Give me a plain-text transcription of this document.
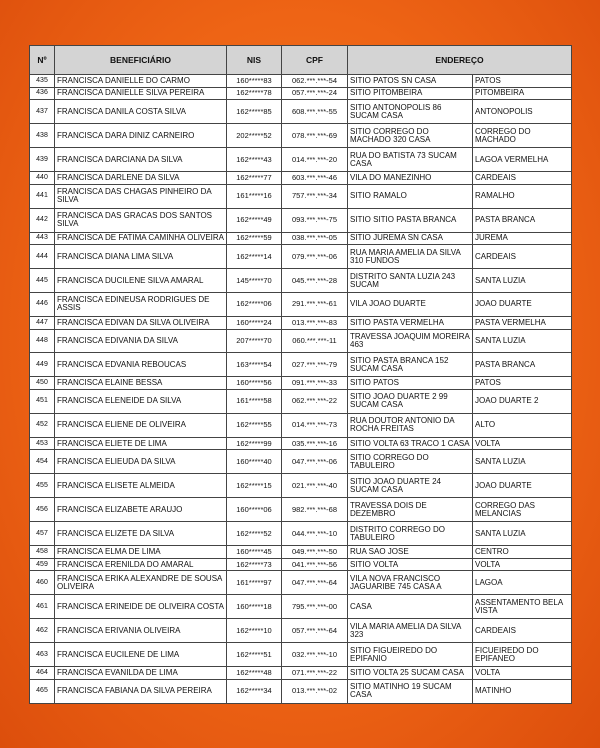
Nº	BENEFICIÁRIO	NIS	CPF	ENDEREÇO	
435	FRANCISCA DANIELLE DO CARMO	160*****83	062.***.***-54	SITIO PATOS SN CASA	PATOS
436	FRANCISCA DANIELLE SILVA PEREIRA	162*****78	057.***.***-24	SITIO PITOMBEIRA	PITOMBEIRA
437	FRANCISCA DANILA COSTA SILVA	162*****85	608.***.***-55	SITIO ANTONOPOLIS 86 SUCAM CASA	ANTONOPOLIS
438	FRANCISCA DARA DINIZ CARNEIRO	202*****52	078.***.***-69	SITIO CORREGO DO MACHADO 320 CASA	CORREGO DO MACHADO
439	FRANCISCA DARCIANA DA SILVA	162*****43	014.***.***-20	RUA DO BATISTA 73 SUCAM CASA	LAGOA VERMELHA
440	FRANCISCA DARLENE DA SILVA	162*****77	603.***.***-46	VILA DO MANEZINHO	CARDEAIS
441	FRANCISCA DAS CHAGAS PINHEIRO DA SILVA	161*****16	757.***.***-34	SITIO RAMALO	RAMALHO
442	FRANCISCA DAS GRACAS DOS SANTOS SILVA	162*****49	093.***.***-75	SITIO SITIO PASTA BRANCA	PASTA BRANCA
443	FRANCISCA DE FATIMA CAMINHA OLIVEIRA	162*****59	038.***.***-05	SITIO JUREMA SN CASA	JUREMA
444	FRANCISCA DIANA LIMA SILVA	162*****14	079.***.***-06	RUA MARIA AMELIA DA SILVA 310 FUNDOS	CARDEAIS
445	FRANCISCA DUCILENE SILVA AMARAL	145*****70	045.***.***-28	DISTRITO SANTA LUZIA 243 SUCAM	SANTA LUZIA
446	FRANCISCA EDINEUSA RODRIGUES DE ASSIS	162*****06	291.***.***-61	VILA JOAO DUARTE	JOAO DUARTE
447	FRANCISCA EDIVAN DA SILVA OLIVEIRA	160*****24	013.***.***-83	SITIO PASTA VERMELHA	PASTA VERMELHA
448	FRANCISCA EDIVANIA DA SILVA	207*****70	060.***.***-11	TRAVESSA JOAQUIM MOREIRA 463	SANTA LUZIA
449	FRANCISCA EDVANIA REBOUCAS	163*****54	027.***.***-79	SITIO PASTA BRANCA 152 SUCAM CASA	PASTA BRANCA
450	FRANCISCA ELAINE BESSA	160*****56	091.***.***-33	SITIO PATOS	PATOS
451	FRANCISCA ELENEIDE DA SILVA	161*****58	062.***.***-22	SITIO JOAO DUARTE 2 99 SUCAM CASA	JOAO DUARTE 2
452	FRANCISCA ELIENE DE OLIVEIRA	162*****55	014.***.***-73	RUA DOUTOR ANTONIO DA ROCHA FREITAS	ALTO
453	FRANCISCA ELIETE DE LIMA	162*****99	035.***.***-16	SITIO VOLTA 63 TRACO 1 CASA	VOLTA
454	FRANCISCA ELIEUDA DA SILVA	160*****40	047.***.***-06	SITIO CORREGO DO TABULEIRO	SANTA LUZIA
455	FRANCISCA ELISETE ALMEIDA	162*****15	021.***.***-40	SITIO JOAO DUARTE 24 SUCAM CASA	JOAO DUARTE
456	FRANCISCA ELIZABETE ARAUJO	160*****06	982.***.***-68	TRAVESSA DOIS DE DEZEMBRO	CORREGO DAS MELANCIAS
457	FRANCISCA ELIZETE DA SILVA	162*****52	044.***.***-10	DISTRITO CORREGO DO TABULEIRO	SANTA LUZIA
458	FRANCISCA ELMA DE LIMA	160*****45	049.***.***-50	RUA SAO JOSE	CENTRO
459	FRANCISCA ERENILDA DO AMARAL	162*****73	041.***.***-56	SITIO VOLTA	VOLTA
460	FRANCISCA ERIKA ALEXANDRE DE SOUSA OLIVEIRA	161*****97	047.***.***-64	VILA NOVA FRANCISCO JAGUARIBE 745 CASA A	LAGOA
461	FRANCISCA ERINEIDE DE OLIVEIRA COSTA	160*****18	795.***.***-00	CASA	ASSENTAMENTO BELA VISTA
462	FRANCISCA ERIVANIA OLIVEIRA	162*****10	057.***.***-64	VILA MARIA AMELIA DA SILVA 323	CARDEAIS
463	FRANCISCA EUCILENE DE LIMA	162*****51	032.***.***-10	SITIO FIGUEIREDO DO EPIFANIO	FICUEIREDO DO EPIFANEO
464	FRANCISCA EVANILDA DE LIMA	162*****48	071.***.***-22	SITIO VOLTA 25 SUCAM CASA	VOLTA
465	FRANCISCA FABIANA DA SILVA PEREIRA	162*****34	013.***.***-02	SITIO MATINHO 19 SUCAM CASA	MATINHO
